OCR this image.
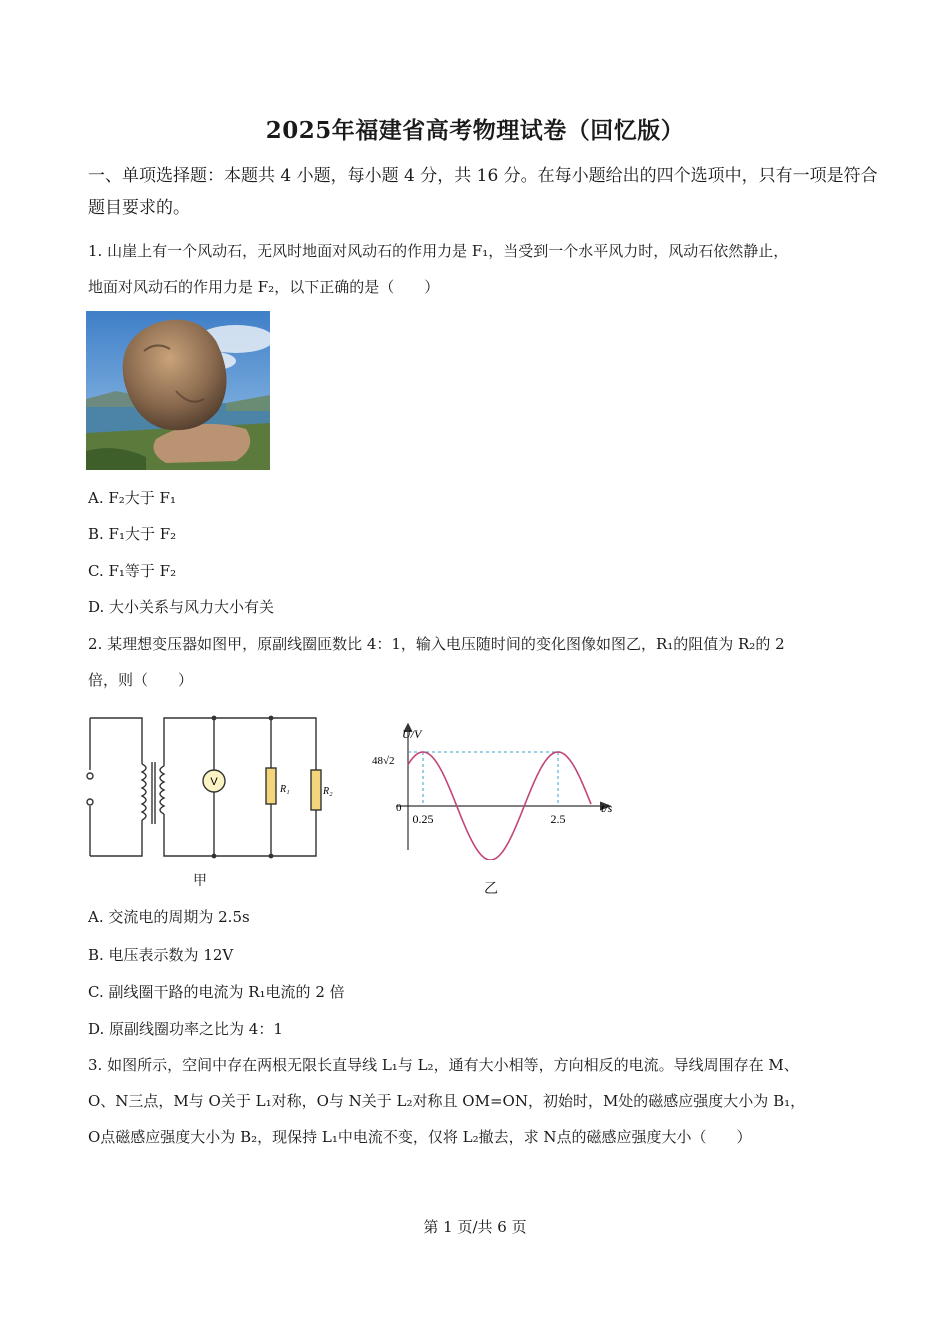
2025年福建省高考物理试卷（回忆版）
一、单项选择题：本题共 4 小题，每小题 4 分，共 16 分。在每小题给出的四个选项中，只有一项是符合题目要求的。
1. 山崖上有一个风动石，无风时地面对风动石的作用力是 F₁，当受到一个水平风力时，风动石依然静止，
地面对风动石的作用力是 F₂，以下正确的是（　　）
A. F₂大于 F₁
B. F₁大于 F₂
C. F₁等于 F₂
D. 大小关系与风力大小有关
2. 某理想变压器如图甲，原副线圈匝数比 4：1，输入电压随时间的变化图像如图乙，R₁的阻值为 R₂的 2
倍，则（　　）
V
R₁	R₂
甲
U/V
t/s
48√2
0
0.25	2.5
乙
A. 交流电的周期为 2.5s
B. 电压表示数为 12V
C. 副线圈干路的电流为 R₁电流的 2 倍
D. 原副线圈功率之比为 4：1
3. 如图所示，空间中存在两根无限长直导线 L₁与 L₂，通有大小相等，方向相反的电流。导线周围存在 M、
O、N三点，M与 O关于 L₁对称，O与 N关于 L₂对称且 OM=ON，初始时，M处的磁感应强度大小为 B₁，
O点磁感应强度大小为 B₂，现保持 L₁中电流不变，仅将 L₂撤去，求 N点的磁感应强度大小（　　）
第 1 页/共 6 页
